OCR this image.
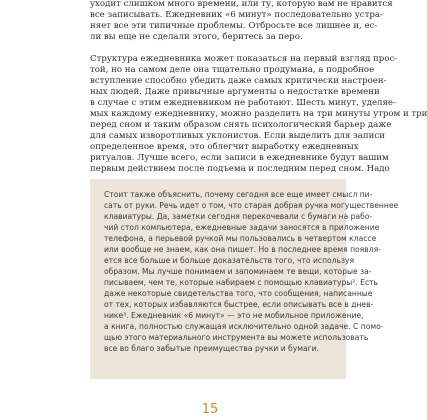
уходит слишком много времени, или ту, которую вам не нравится
все записывать. Ежедневник «6 минут» последовательно устра-
няет все эти типичные проблемы. Отбросьте все лишнее и, ес-
ли вы еще не сделали этого, беритесь за перо.
Структура ежедневника может показаться на первый взгляд прос-
той, но на самом деле она тщательно продумана, а подробное
вступление способно убедить даже самых критически настроен-
ных людей. Даже привычные аргументы о недостатке времени
в случае с этим ежедневником не работают. Шесть минут, уделяе-
мых каждому ежедневнику, можно разделить на три минуты утром и три
перед сном и таким образом снять психологический барьер даже
для самых изворотливых уклонистов. Если выделить для записи
определенное время, это облегчит выработку ежедневных
ритуалов. Лучше всего, если записи в ежедневнике будут вашим
первым действием после подъема и последним перед сном. Надо
Стоит также объяснить, почему сегодня все еще имеет смысл пи-
сать от руки. Речь идет о том, что старая добрая ручка могущественнее
клавиатуры. Да, заметки сегодня перекочевали с бумаги на рабо-
чий стол компьютера, ежедневные задачи заносятся в приложение
телефона, а перьевой ручкой мы пользовались в четвертом классе
или вообще не знаем, как она пишет. Но в последнее время появля-
ется все больше и больше доказательств того, что используя
образом. Мы лучше понимаем и запоминаем те вещи, которые за-
писываем, чем те, которые набираем с помощью клавиатуры². Есть
даже некоторые свидетельства того, что сообщения, написанные
от тех, которых избавляются быстрее, если описывать все в днев-
нике³. Ежедневник «6 минут» — это не мобильное приложение,
а книга, полностью служащая исключительно одной задаче. С помо-
щью этого материального инструмента вы можете использовать
все во благо забытые преимущества ручки и бумаги.
15
